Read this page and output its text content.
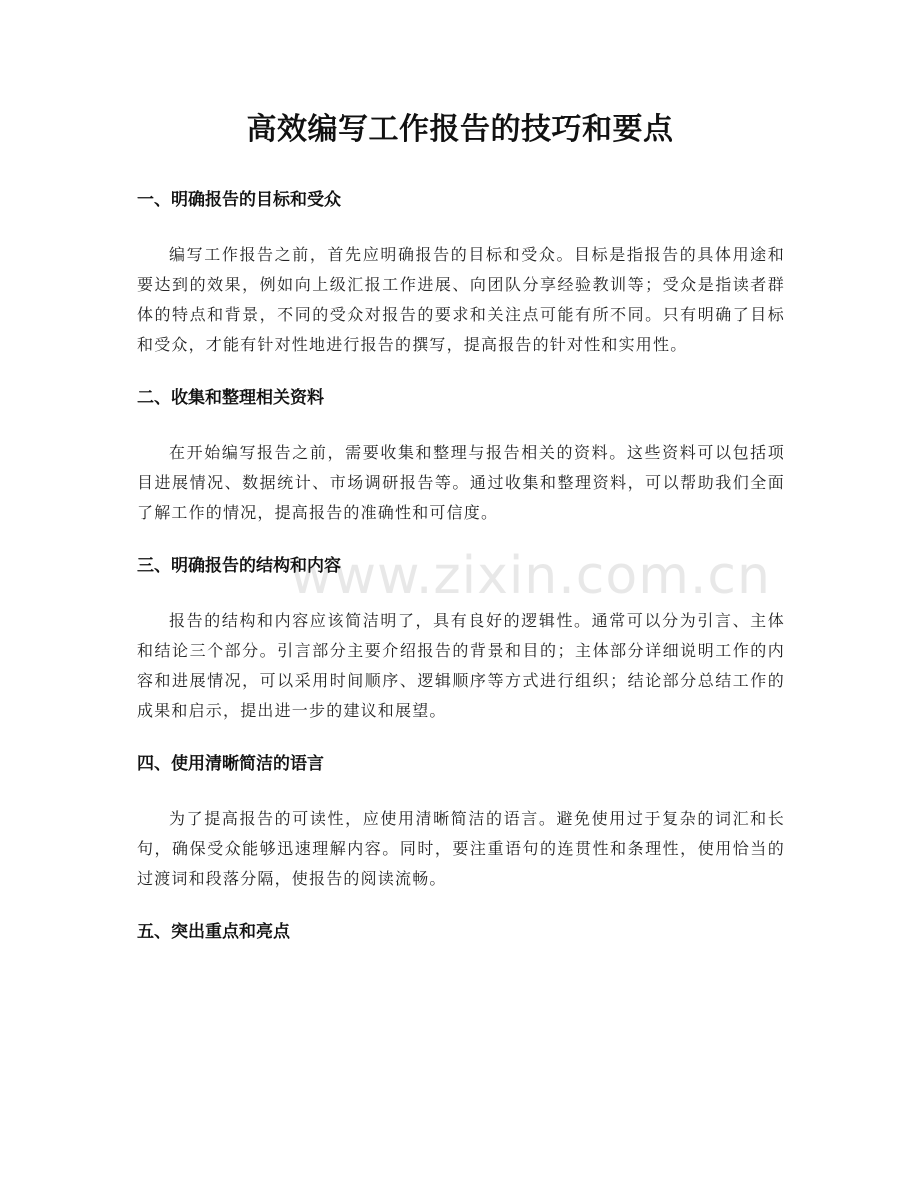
高效编写工作报告的技巧和要点
www.zixin.com.cn
一、明确报告的目标和受众

编写工作报告之前，首先应明确报告的目标和受众。目标是指报告的具体用途和要达到的效果，例如向上级汇报工作进展、向团队分享经验教训等；受众是指读者群体的特点和背景，不同的受众对报告的要求和关注点可能有所不同。只有明确了目标和受众，才能有针对性地进行报告的撰写，提高报告的针对性和实用性。

二、收集和整理相关资料

在开始编写报告之前，需要收集和整理与报告相关的资料。这些资料可以包括项目进展情况、数据统计、市场调研报告等。通过收集和整理资料，可以帮助我们全面了解工作的情况，提高报告的准确性和可信度。

三、明确报告的结构和内容

报告的结构和内容应该简洁明了，具有良好的逻辑性。通常可以分为引言、主体和结论三个部分。引言部分主要介绍报告的背景和目的；主体部分详细说明工作的内容和进展情况，可以采用时间顺序、逻辑顺序等方式进行组织；结论部分总结工作的成果和启示，提出进一步的建议和展望。

四、使用清晰简洁的语言

为了提高报告的可读性，应使用清晰简洁的语言。避免使用过于复杂的词汇和长句，确保受众能够迅速理解内容。同时，要注重语句的连贯性和条理性，使用恰当的过渡词和段落分隔，使报告的阅读流畅。

五、突出重点和亮点
